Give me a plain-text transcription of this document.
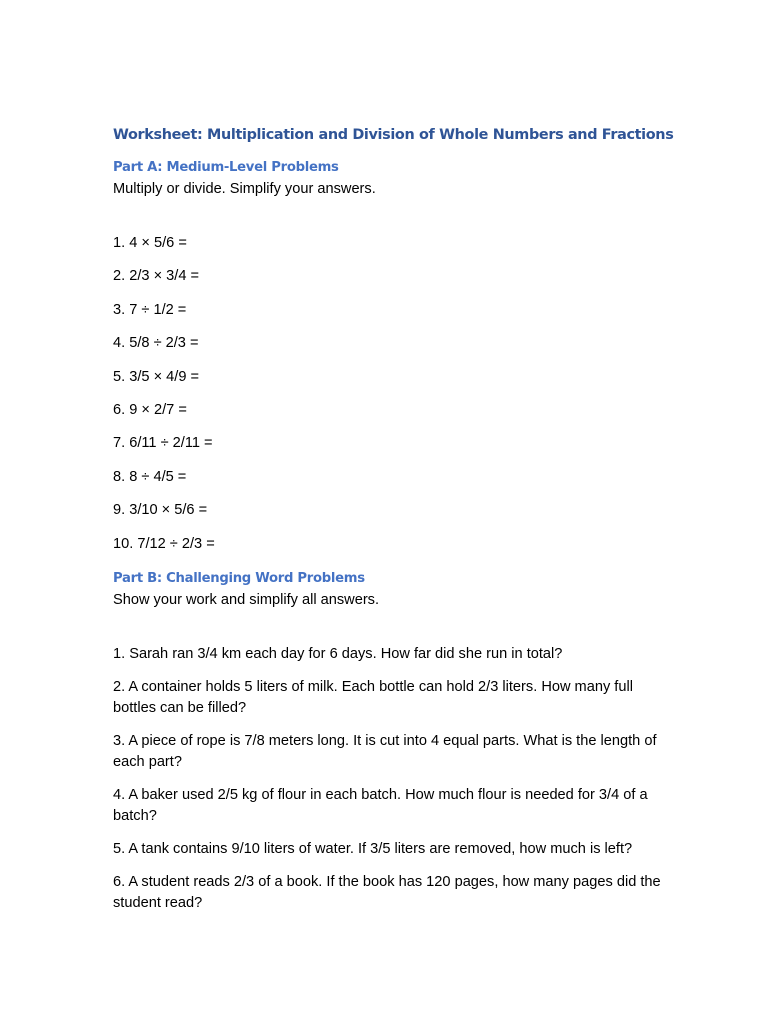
Worksheet: Multiplication and Division of Whole Numbers and Fractions
Part A: Medium-Level Problems

Multiply or divide. Simplify your answers.

1. 4 × 5/6 =
2. 2/3 × 3/4 =
3. 7 ÷ 1/2 =
4. 5/8 ÷ 2/3 =
5. 3/5 × 4/9 =
6. 9 × 2/7 =
7. 6/11 ÷ 2/11 =
8. 8 ÷ 4/5 =
9. 3/10 × 5/6 =
10. 7/12 ÷ 2/3 =
Part B: Challenging Word Problems

Show your work and simplify all answers.

1. Sarah ran 3/4 km each day for 6 days. How far did she run in total?
2. A container holds 5 liters of milk. Each bottle can hold 2/3 liters. How many full bottles can be filled?
3. A piece of rope is 7/8 meters long. It is cut into 4 equal parts. What is the length of each part?
4. A baker used 2/5 kg of flour in each batch. How much flour is needed for 3/4 of a batch?
5. A tank contains 9/10 liters of water. If 3/5 liters are removed, how much is left?
6. A student reads 2/3 of a book. If the book has 120 pages, how many pages did the student read?
